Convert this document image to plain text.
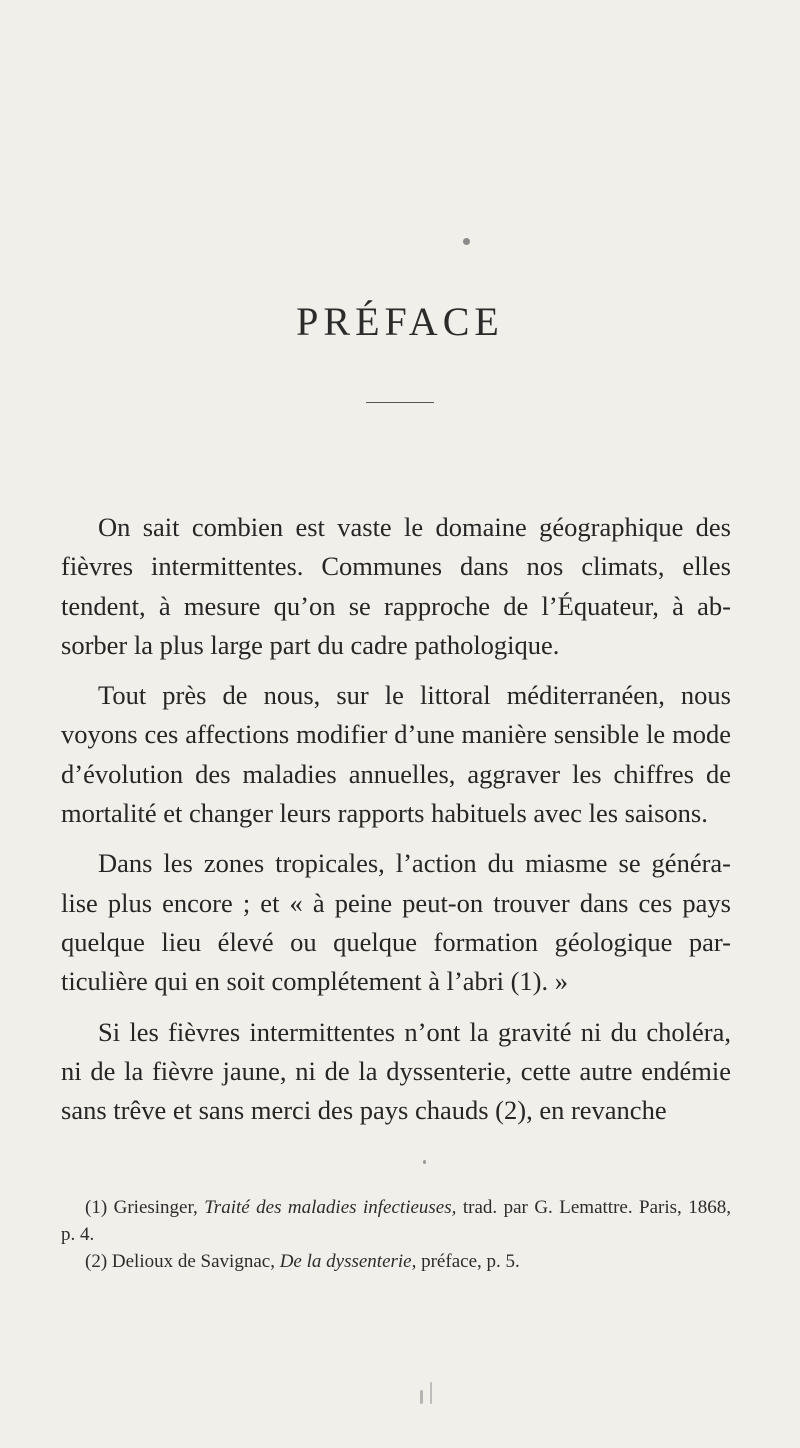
PRÉFACE

On sait combien est vaste le domaine géographique des fièvres intermittentes. Communes dans nos climats, elles tendent, à mesure qu’on se rapproche de l’Équateur, à ab- sorber la plus large part du cadre pathologique.

Tout près de nous, sur le littoral méditerranéen, nous voyons ces affections modifier d’une manière sensible le mode d’évolution des maladies annuelles, aggraver les chiffres de mortalité et changer leurs rapports habituels avec les saisons.

Dans les zones tropicales, l’action du miasme se généra- lise plus encore ; et « à peine peut-on trouver dans ces pays quelque lieu élevé ou quelque formation géologique par- ticulière qui en soit complétement à l’abri (1). »

Si les fièvres intermittentes n’ont la gravité ni du choléra, ni de la fièvre jaune, ni de la dyssenterie, cette autre endémie sans trêve et sans merci des pays chauds (2), en revanche

(1) Griesinger, Traité des maladies infectieuses, trad. par G. Lemattre. Paris, 1868, p. 4.

(2) Delioux de Savignac, De la dyssenterie, préface, p. 5.
